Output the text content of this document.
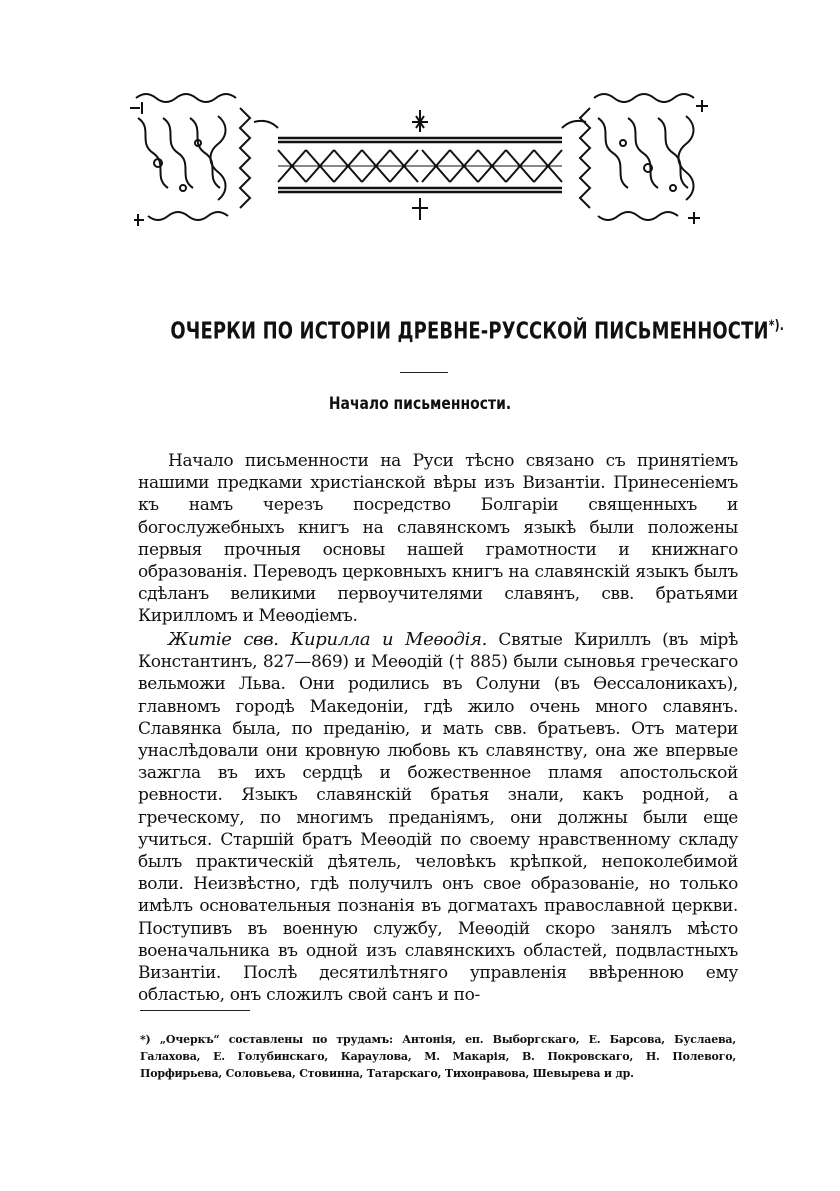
ОЧЕРКИ ПО ИСТОРІИ ДРЕВНЕ-РУССКОЙ ПИСЬМЕННОСТИ*).
Начало письменности.

Начало письменности на Руси тѣсно связано съ принятіемъ нашими предками христіанской вѣры изъ Византіи. Принесеніемъ къ намъ черезъ посредство Болгаріи священныхъ и богослужебныхъ книгъ на славянскомъ языкѣ были положены первыя прочныя основы нашей грамотности и книжнаго образованія. Переводъ церковныхъ книгъ на славянскій языкъ былъ сдѣланъ великими первоучителями славянъ, свв. братьями Кирилломъ и Меѳодіемъ.

Житіе свв. Кирилла и Меѳодія. Святые Кириллъ (въ мірѣ Константинъ, 827—869) и Меѳодій († 885) были сыновья греческаго вельможи Льва. Они родились въ Солуни (въ Ѳессалоникахъ), главномъ городѣ Македоніи, гдѣ жило очень много славянъ. Славянка была, по преданію, и мать свв. братьевъ. Отъ матери унаслѣдовали они кровную любовь къ славянству, она же впервые зажгла въ ихъ сердцѣ и божественное пламя апостольской ревности. Языкъ славянскій братья знали, какъ родной, а греческому, по многимъ преданіямъ, они должны были еще учиться. Старшій братъ Меѳодій по своему нравственному складу былъ практическій дѣятель, человѣкъ крѣпкой, непоколебимой воли. Неизвѣстно, гдѣ получилъ онъ свое образованіе, но только имѣлъ основательныя познанія въ догматахъ православной церкви. Поступивъ въ военную службу, Меѳодій скоро занялъ мѣсто военачальника въ одной изъ славянскихъ областей, подвластныхъ Византіи. Послѣ десятилѣтняго управленія ввѣренною ему областью, онъ сложилъ свой санъ и по-

*) „Очеркъ“ составлены по трудамъ: Антонія, еп. Выборгскаго, Е. Барсова, Буслаева, Галахова, Е. Голубинскаго, Караулова, М. Макарія, В. Покровскаго, Н. Полевого, Порфирьева, Соловьева, Стовинна, Татарскаго, Тихонравова, Шевырева и др.
